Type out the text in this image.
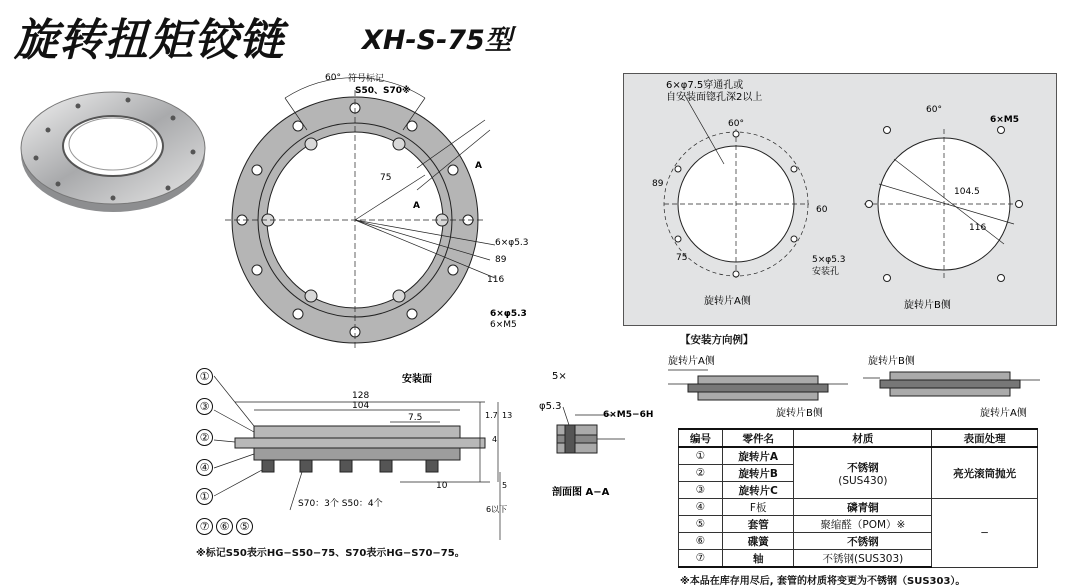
旋转扭矩铰链	XH-S-75型
符号标记
S50、S70※
60°
75
A
A
6×φ5.3
89
116
6×φ5.3
6×M5
6×φ7.5穿通孔或
自安装面锪孔深2以上
60°
89
75
60
5×φ5.3
安装孔
旋转片A侧
60°
6×M5
104.5
116
旋转片B侧
安装面
128
104
7.5	1.7 13
4
10	5
6以下
S70：3个 S50：4个
①
③
②
④
①
⑦ ⑥ ⑤
※标记S50表示HG−S50−75、S70表示HG−S70−75。
5×
φ5.3
6×M5−6H
剖面图 A−A
【安装方向例】
旋转片A侧
旋转片B侧
旋转片B侧
旋转片A侧
编号	零件名	材质	表面处理
①	旋转片A	不锈钢
(SUS430)	亮光滚筒抛光
②	旋转片B		
③	旋转片C		
④	F板	磷青铜	−
⑤	套管	聚缩醛（POM）※	
⑥	碟簧	不锈钢	
⑦	轴	不锈钢(SUS303)	
※本品在库存用尽后, 套管的材质将变更为不锈钢（SUS303）。
